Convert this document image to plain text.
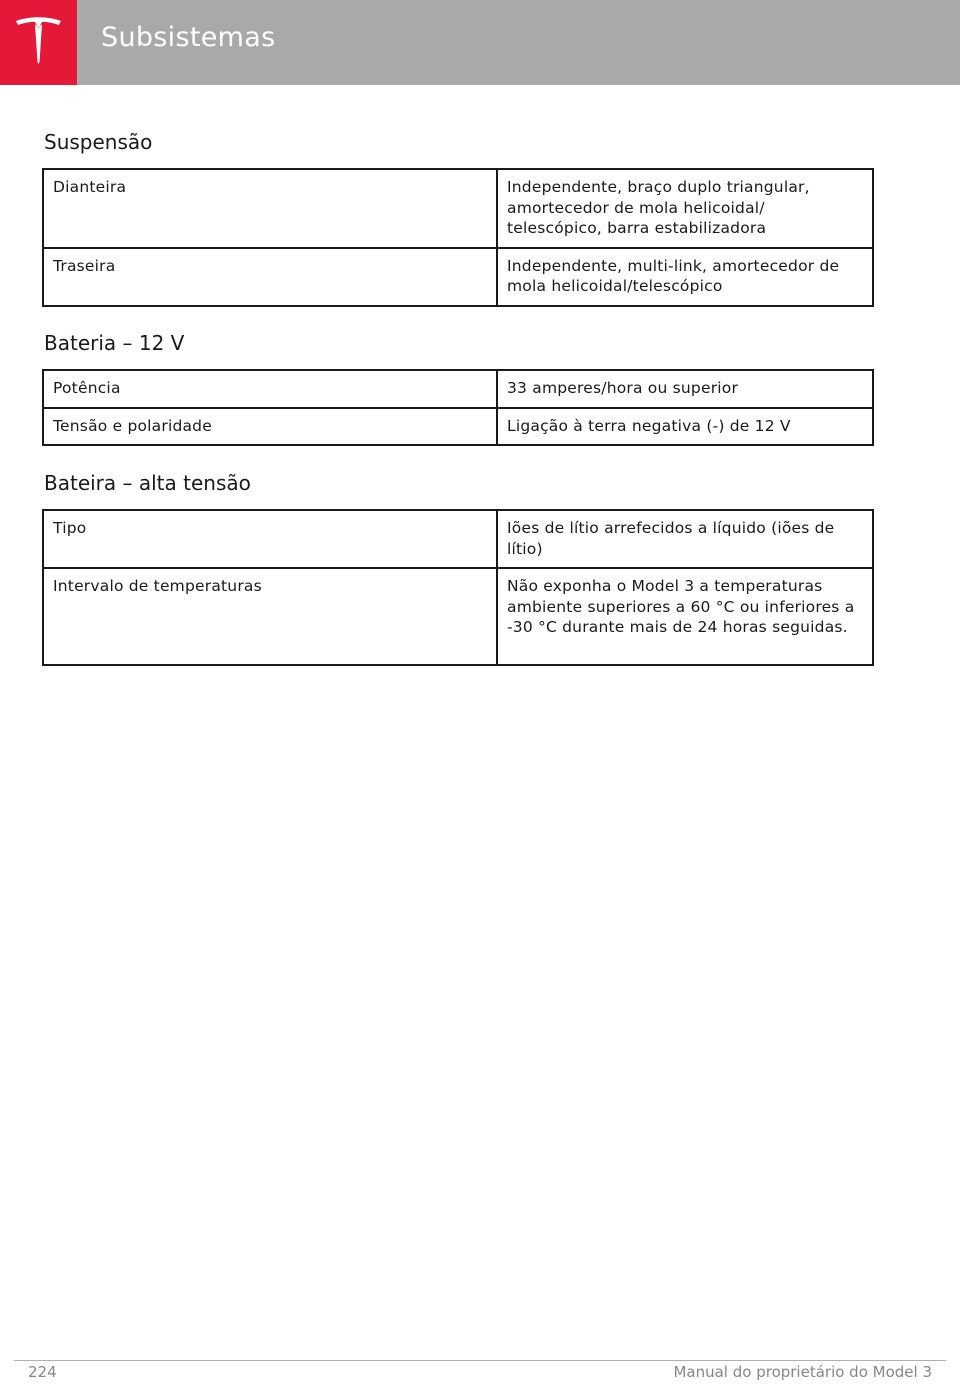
Subsistemas
Suspensão
Dianteira	Independente, braço duplo triangular, amortecedor de mola helicoidal/ telescópico, barra estabilizadora
Traseira	Independente, multi-link, amortecedor de mola helicoidal/telescópico
Bateria – 12 V
Potência	33 amperes/hora ou superior
Tensão e polaridade	Ligação à terra negativa (-) de 12 V
Bateira – alta tensão
Tipo	Iões de lítio arrefecidos a líquido (iões de lítio)
Intervalo de temperaturas	Não exponha o Model 3 a temperaturas ambiente superiores a 60 °C ou inferiores a -30 °C durante mais de 24 horas seguidas.
224	Manual do proprietário do Model 3
